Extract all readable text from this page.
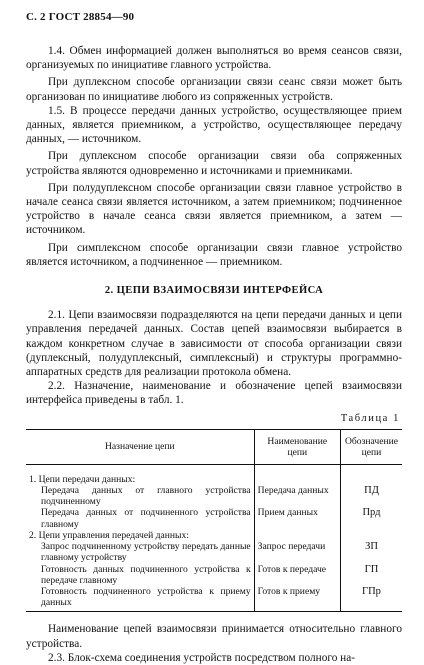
С. 2 ГОСТ 28854—90

1.4. Обмен информацией должен выполняться во время сеансов связи, организуемых по инициативе главного устройства.

При дуплексном способе организации связи сеанс связи может быть организован по инициативе любого из сопряженных устройств.

1.5. В процессе передачи данных устройство, осуществляющее прием данных, является приемником, а устройство, осуществляющее передачу данных, — источником.

При дуплексном способе организации связи оба сопряженных устройства являются одновременно и источниками и приемниками.

При полудуплексном способе организации связи главное устройство в начале сеанса связи является источником, а затем приемником; подчиненное устройство в начале сеанса связи является приемником, а затем — источником.

При симплексном способе организации связи главное устройство является источником, а подчиненное — приемником.

2. ЦЕПИ ВЗАИМОСВЯЗИ ИНТЕРФЕЙСА

2.1. Цепи взаимосвязи подразделяются на цепи передачи данных и цепи управления передачей данных. Состав цепей взаимосвязи выбирается в каждом конкретном случае в зависимости от способа организации связи (дуплексный, полудуплексный, симплексный) и структуры программно-аппаратных средств для реализации протокола обмена.

2.2. Назначение, наименование и обозначение цепей взаимосвязи интерфейса приведены в табл. 1.

Таблица 1
Назначение цепи	Наименование цепи	Обозначение цепи

1. Цепи передачи данных:
Передача данных от главного устройства подчиненному	Передача данных	ПД

Передача данных от подчиненного устройства главному	Прием данных	Прд

2. Цепи управления передачей данных:
Запрос подчиненному устройству передать данные главному устройству	Запрос передачи	ЗП

Готовность данных подчиненного устройства к передаче главному	Готов к передаче	ГП

Готовность подчиненного устройства к приему данных	Готов к приему	ГПр

Наименование цепей взаимосвязи принимается относительно главного устройства.

2.3. Блок-схема соединения устройств посредством полного на-
